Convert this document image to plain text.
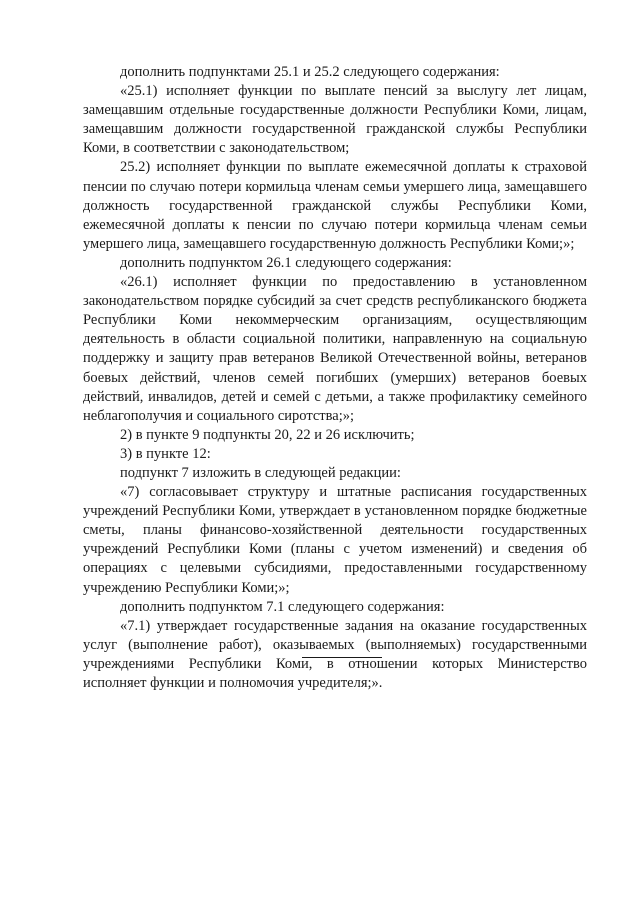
дополнить подпунктами 25.1 и 25.2 следующего содержания:

«25.1) исполняет функции по выплате пенсий за выслугу лет лицам, замещавшим отдельные государственные должности Республики Коми, лицам, замещавшим должности государственной гражданской службы Республики Коми, в соответствии с законодательством;

25.2) исполняет функции по выплате ежемесячной доплаты к страховой пенсии по случаю потери кормильца членам семьи умершего лица, замещавшего должность государственной гражданской службы Республики Коми, ежемесячной доплаты к пенсии по случаю потери кормильца членам семьи умершего лица, замещавшего государственную должность Республики Коми;»;

дополнить подпунктом 26.1 следующего содержания:

«26.1) исполняет функции по предоставлению в установленном законодательством порядке субсидий за счет средств республиканского бюджета Республики Коми некоммерческим организациям, осуществляющим деятельность в области социальной политики, направленную на социальную поддержку и защиту прав ветеранов Великой Отечественной войны, ветеранов боевых действий, членов семей погибших (умерших) ветеранов боевых действий, инвалидов, детей и семей с детьми, а также профилактику семейного неблагополучия и социального сиротства;»;

2) в пункте 9 подпункты 20, 22 и 26 исключить;

3) в пункте 12:

подпункт 7 изложить в следующей редакции:

«7) согласовывает структуру и штатные расписания государственных учреждений Республики Коми, утверждает в установленном порядке бюджетные сметы, планы финансово-хозяйственной деятельности государственных учреждений Республики Коми (планы с учетом изменений) и сведения об операциях с целевыми субсидиями, предоставленными государственному учреждению Республики Коми;»;

дополнить подпунктом 7.1 следующего содержания:

«7.1) утверждает государственные задания на оказание государственных услуг (выполнение работ), оказываемых (выполняемых) государственными учреждениями Республики Коми, в отношении которых Министерство исполняет функции и полномочия учредителя;».
